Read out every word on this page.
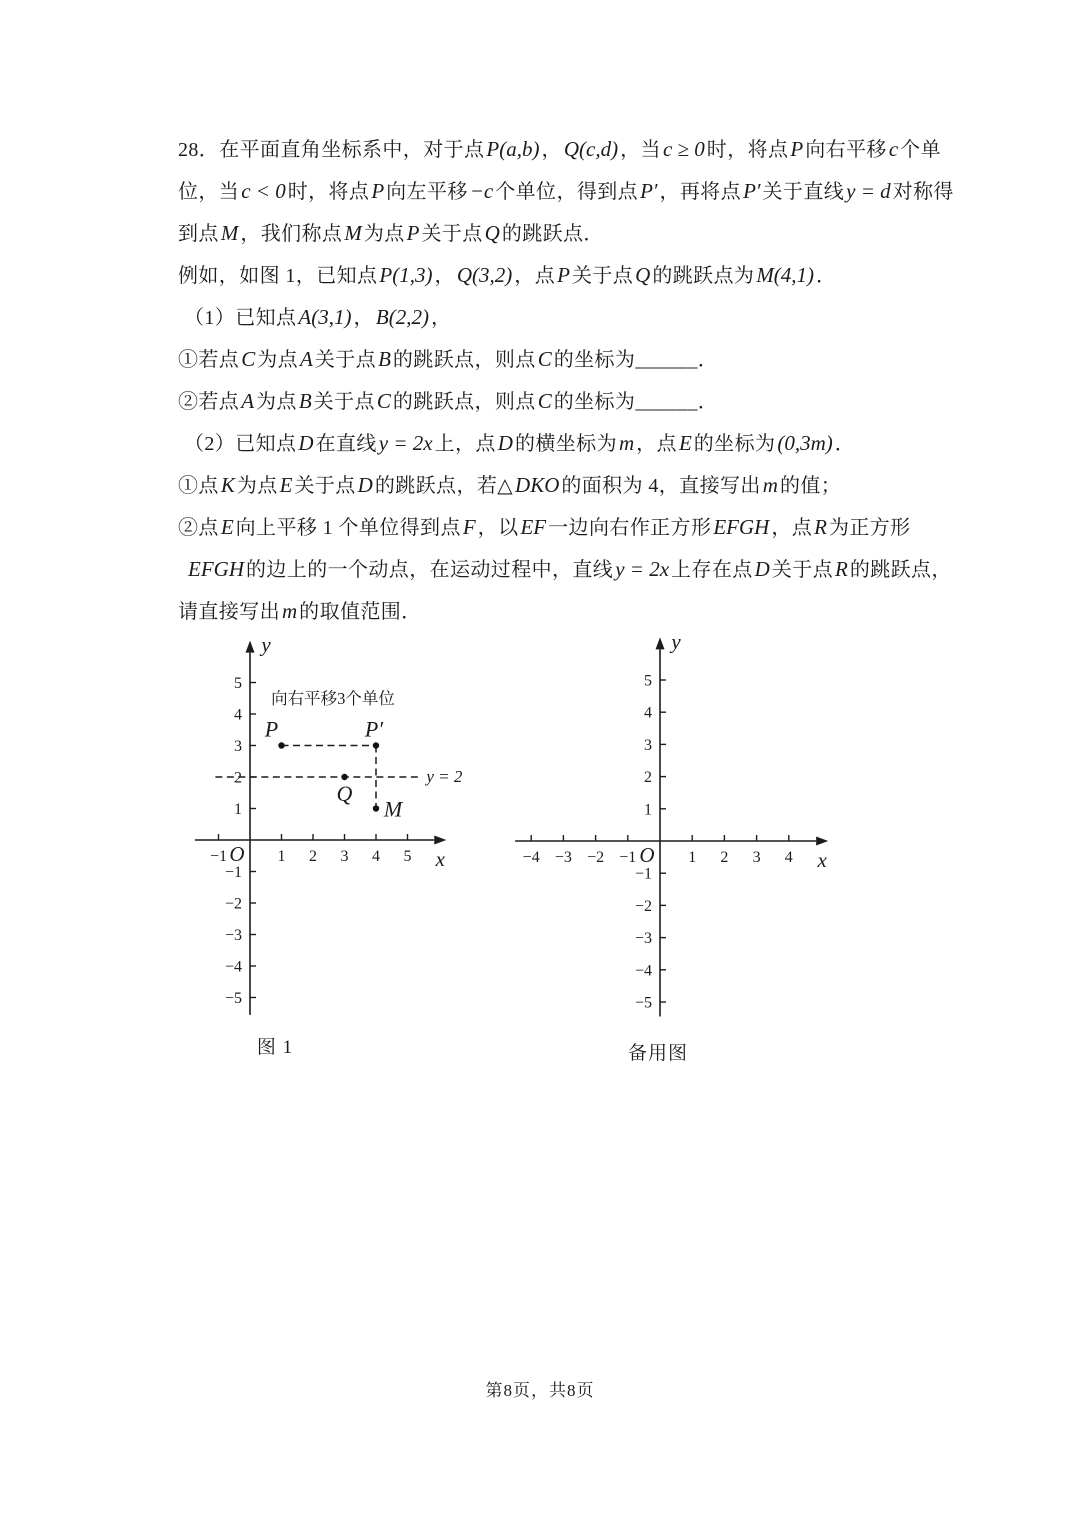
28．在平面直角坐标系中，对于点P(a,b) ，Q(c,d) ，当c ≥ 0 时，将点P 向右平移c 个单
位，当c < 0 时，将点P 向左平移−c 个单位，得到点P′ ，再将点P′ 关于直线y = d 对称得
到点M ，我们称点M 为点P 关于点Q 的跳跃点．
例如，如图 1，已知点P(1,3) ，Q(3,2) ，点P 关于点Q 的跳跃点为M(4,1) ．
（1）已知点A(3,1) ，B(2,2) ，
①若点C 为点A 关于点B 的跳跃点，则点C 的坐标为______．
②若点A 为点B 关于点C 的跳跃点，则点C 的坐标为______．
（2）已知点D 在直线y = 2x 上，点D 的横坐标为m ，点E 的坐标为(0,3m) ．
①点K 为点E 关于点D 的跳跃点，若△DKO 的面积为 4，直接写出m 的值；
②点E 向上平移 1 个单位得到点F ，以EF 一边向右作正方形EFGH ，点R 为正方形
EFGH 的边上的一个动点，在运动过程中，直线y = 2x 上存在点D 关于点R 的跳跃点，
请直接写出m 的取值范围．
x
y
O
−1	1 2 3 4 5
5
4
3
2
1
−1
−2
−3
−4
−5
y = 2
P	P′
Q
M
向右平移3个单位
x
y
O
−4 −3 −2 −1	1 2 3 4
5
4
3
2
1
−1
−2
−3
−4
−5
图 1	备用图
第8页，共8页
